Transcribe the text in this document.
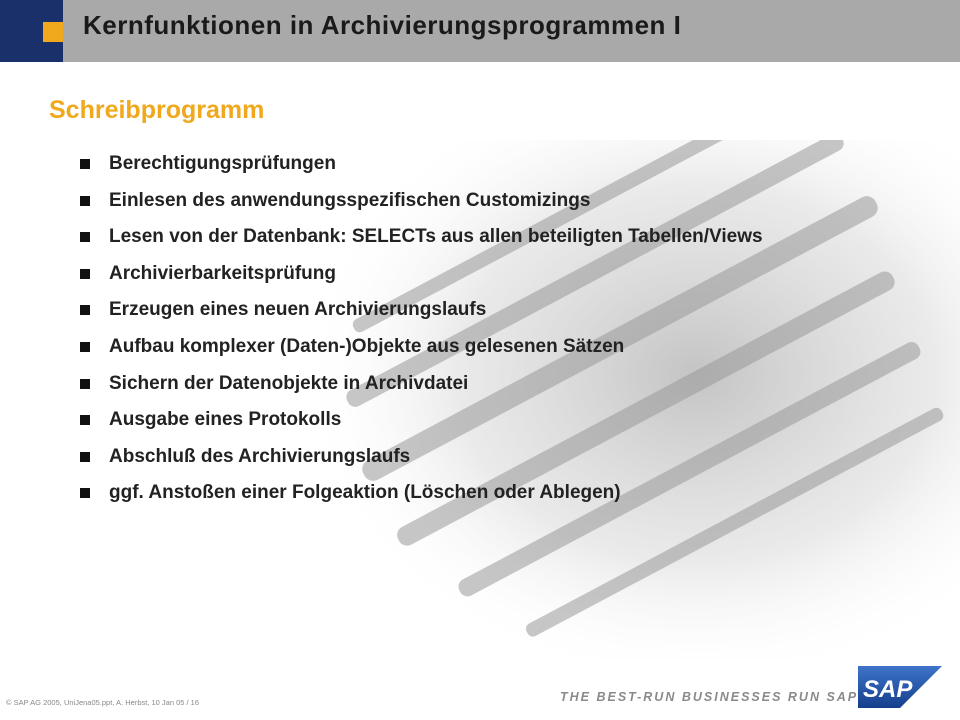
Kernfunktionen in Archivierungsprogrammen I
Schreibprogramm
Berechtigungsprüfungen
Einlesen des anwendungsspezifischen Customizings
Lesen von der Datenbank: SELECTs aus allen beteiligten Tabellen/Views
Archivierbarkeitsprüfung
Erzeugen eines neuen Archivierungslaufs
Aufbau komplexer (Daten-)Objekte aus gelesenen Sätzen
Sichern der Datenobjekte in Archivdatei
Ausgabe eines Protokolls
Abschluß des Archivierungslaufs
ggf. Anstoßen einer Folgeaktion (Löschen oder Ablegen)
© SAP AG 2005, UniJena05.ppt, A. Herbst, 10 Jan 05 / 16	THE BEST-RUN BUSINESSES RUN SAP SAP
®
